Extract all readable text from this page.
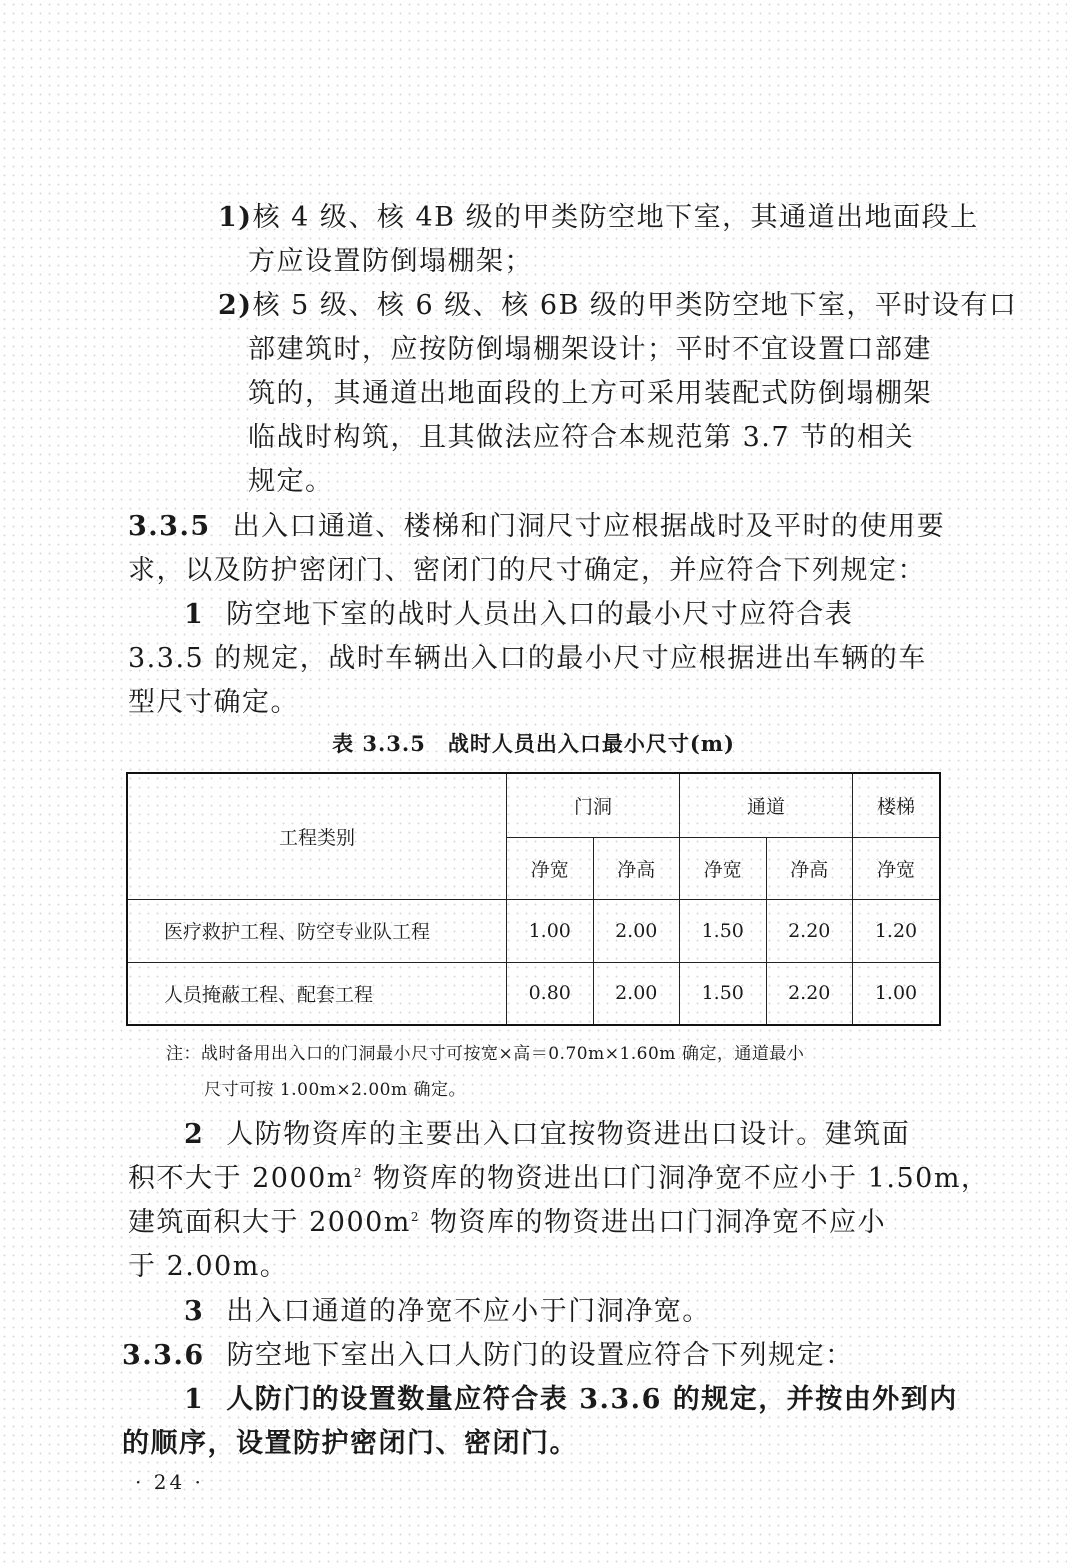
1)核 4 级、核 4B 级的甲类防空地下室，其通道出地面段上

方应设置防倒塌棚架；

2)核 5 级、核 6 级、核 6B 级的甲类防空地下室，平时设有口

部建筑时，应按防倒塌棚架设计；平时不宜设置口部建

筑的，其通道出地面段的上方可采用装配式防倒塌棚架

临战时构筑，且其做法应符合本规范第 3.7 节的相关

规定。

3.3.5 出入口通道、楼梯和门洞尺寸应根据战时及平时的使用要

求，以及防护密闭门、密闭门的尺寸确定，并应符合下列规定：

1 防空地下室的战时人员出入口的最小尺寸应符合表

3.3.5 的规定，战时车辆出入口的最小尺寸应根据进出车辆的车

型尺寸确定。

表 3.3.5　战时人员出入口最小尺寸(m)
工程类别	门洞		通道		楼梯
	净宽	净高	净宽	净高	净宽
医疗救护工程、防空专业队工程	1.00	2.00	1.50	2.20	1.20
人员掩蔽工程、配套工程	0.80	2.00	1.50	2.20	1.00
注：战时备用出入口的门洞最小尺寸可按宽×高＝0.70m×1.60m 确定，通道最小
尺寸可按 1.00m×2.00m 确定。

2 人防物资库的主要出入口宜按物资进出口设计。建筑面

积不大于 $2000m^2$ 物资库的物资进出口门洞净宽不应小于 1.50m，

建筑面积大于 $2000m^2$ 物资库的物资进出口门洞净宽不应小

于 2.00m。

3 出入口通道的净宽不应小于门洞净宽。

3.3.6 防空地下室出入口人防门的设置应符合下列规定：

1 人防门的设置数量应符合表 3.3.6 的规定，并按由外到内

的顺序，设置防护密闭门、密闭门。

· 24 ·
